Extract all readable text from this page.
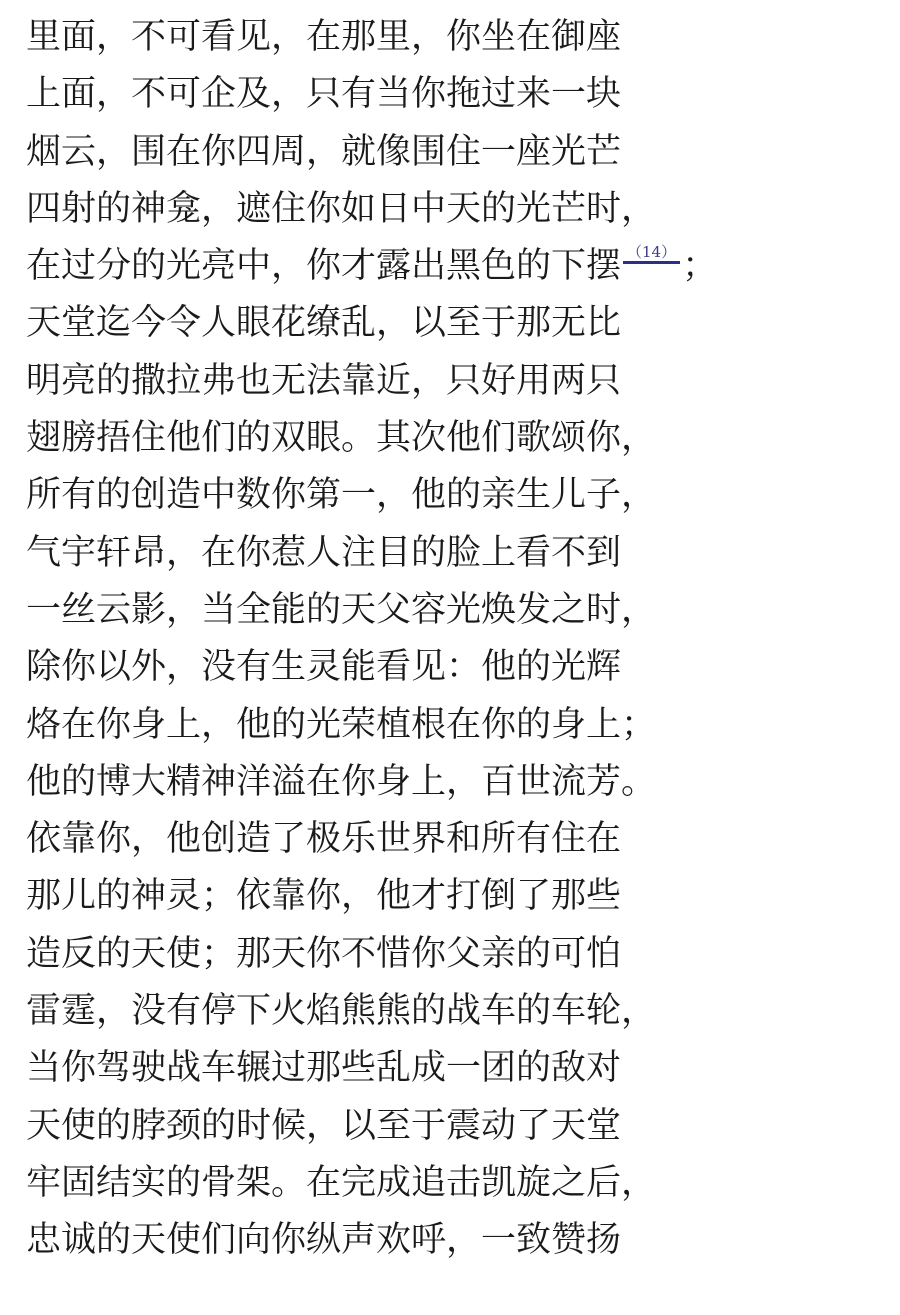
里面，不可看见，在那里，你坐在御座
上面，不可企及，只有当你拖过来一块
烟云，围在你四周，就像围住一座光芒
四射的神龛，遮住你如日中天的光芒时，
在过分的光亮中，你才露出黑色的下摆 （14） ；
天堂迄今令人眼花缭乱，以至于那无比
明亮的撒拉弗也无法靠近，只好用两只
翅膀捂住他们的双眼。其次他们歌颂你，
所有的创造中数你第一，他的亲生儿子，
气宇轩昂，在你惹人注目的脸上看不到
一丝云影，当全能的天父容光焕发之时，
除你以外，没有生灵能看见：他的光辉
烙在你身上，他的光荣植根在你的身上；
他的博大精神洋溢在你身上，百世流芳。
依靠你，他创造了极乐世界和所有住在
那儿的神灵；依靠你，他才打倒了那些
造反的天使；那天你不惜你父亲的可怕
雷霆，没有停下火焰熊熊的战车的车轮，
当你驾驶战车辗过那些乱成一团的敌对
天使的脖颈的时候，以至于震动了天堂
牢固结实的骨架。在完成追击凯旋之后，
忠诚的天使们向你纵声欢呼，一致赞扬
